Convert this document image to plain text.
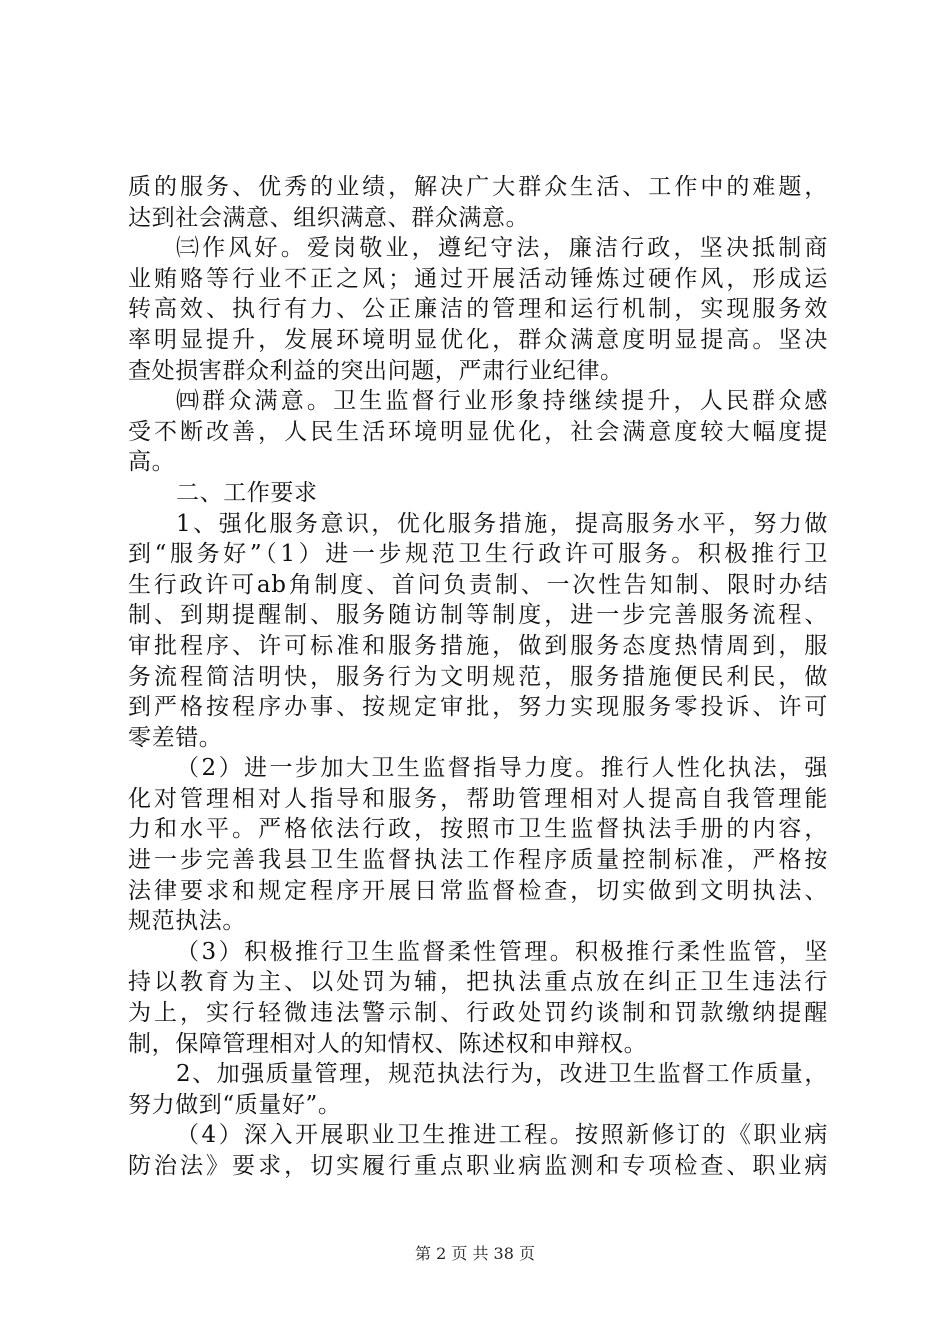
质的服务、优秀的业绩，解决广大群众生活、工作中的难题，
达到社会满意、组织满意、群众满意。
㈢作风好。爱岗敬业，遵纪守法，廉洁行政，坚决抵制商
业贿赂等行业不正之风；通过开展活动锤炼过硬作风，形成运
转高效、执行有力、公正廉洁的管理和运行机制，实现服务效
率明显提升，发展环境明显优化，群众满意度明显提高。坚决
查处损害群众利益的突出问题，严肃行业纪律。
㈣群众满意。卫生监督行业形象持继续提升，人民群众感
受不断改善，人民生活环境明显优化，社会满意度较大幅度提
高。
二、工作要求
1、强化服务意识，优化服务措施，提高服务水平，努力做
到“服务好”（1）进一步规范卫生行政许可服务。积极推行卫
生行政许可ab角制度、首问负责制、一次性告知制、限时办结
制、到期提醒制、服务随访制等制度，进一步完善服务流程、
审批程序、许可标准和服务措施，做到服务态度热情周到，服
务流程简洁明快，服务行为文明规范，服务措施便民利民，做
到严格按程序办事、按规定审批，努力实现服务零投诉、许可
零差错。
（2）进一步加大卫生监督指导力度。推行人性化执法，强
化对管理相对人指导和服务，帮助管理相对人提高自我管理能
力和水平。严格依法行政，按照市卫生监督执法手册的内容，
进一步完善我县卫生监督执法工作程序质量控制标准，严格按
法律要求和规定程序开展日常监督检查，切实做到文明执法、
规范执法。
（3）积极推行卫生监督柔性管理。积极推行柔性监管，坚
持以教育为主、以处罚为辅，把执法重点放在纠正卫生违法行
为上，实行轻微违法警示制、行政处罚约谈制和罚款缴纳提醒
制，保障管理相对人的知情权、陈述权和申辩权。
2、加强质量管理，规范执法行为，改进卫生监督工作质量，
努力做到“质量好”。
（4）深入开展职业卫生推进工程。按照新修订的《职业病
防治法》要求，切实履行重点职业病监测和专项检查、职业病
第 2 页 共 38 页
